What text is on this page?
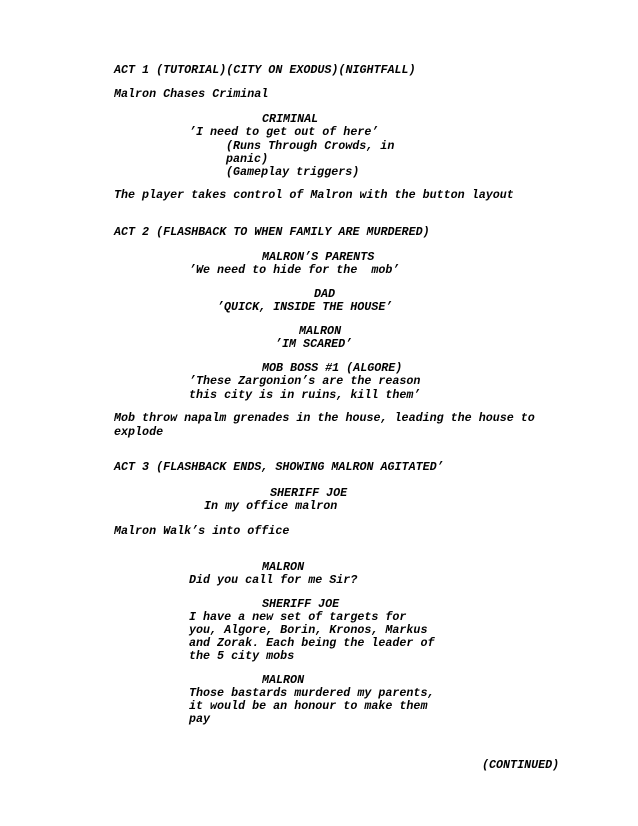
ACT 1 (TUTORIAL)(CITY ON EXODUS)(NIGHTFALL)

Malron Chases Criminal

CRIMINAL

’I need to get out of here’

(Runs Through Crowds, in

panic)

(Gameplay triggers)

The player takes control of Malron with the button layout

ACT 2 (FLASHBACK TO WHEN FAMILY ARE MURDERED)

MALRON’S PARENTS

’We need to hide for the  mob’

DAD

’QUICK, INSIDE THE HOUSE’

MALRON

’IM SCARED’

MOB BOSS #1 (ALGORE)

’These Zargonion’s are the reason

this city is in ruins, kill them’

Mob throw napalm grenades in the house, leading the house to

explode

ACT 3 (FLASHBACK ENDS, SHOWING MALRON AGITATED’

SHERIFF JOE

In my office malron

Malron Walk’s into office

MALRON

Did you call for me Sir?

SHERIFF JOE

I have a new set of targets for

you, Algore, Borin, Kronos, Markus

and Zorak. Each being the leader of

the 5 city mobs

MALRON

Those bastards murdered my parents,

it would be an honour to make them

pay

(CONTINUED)
